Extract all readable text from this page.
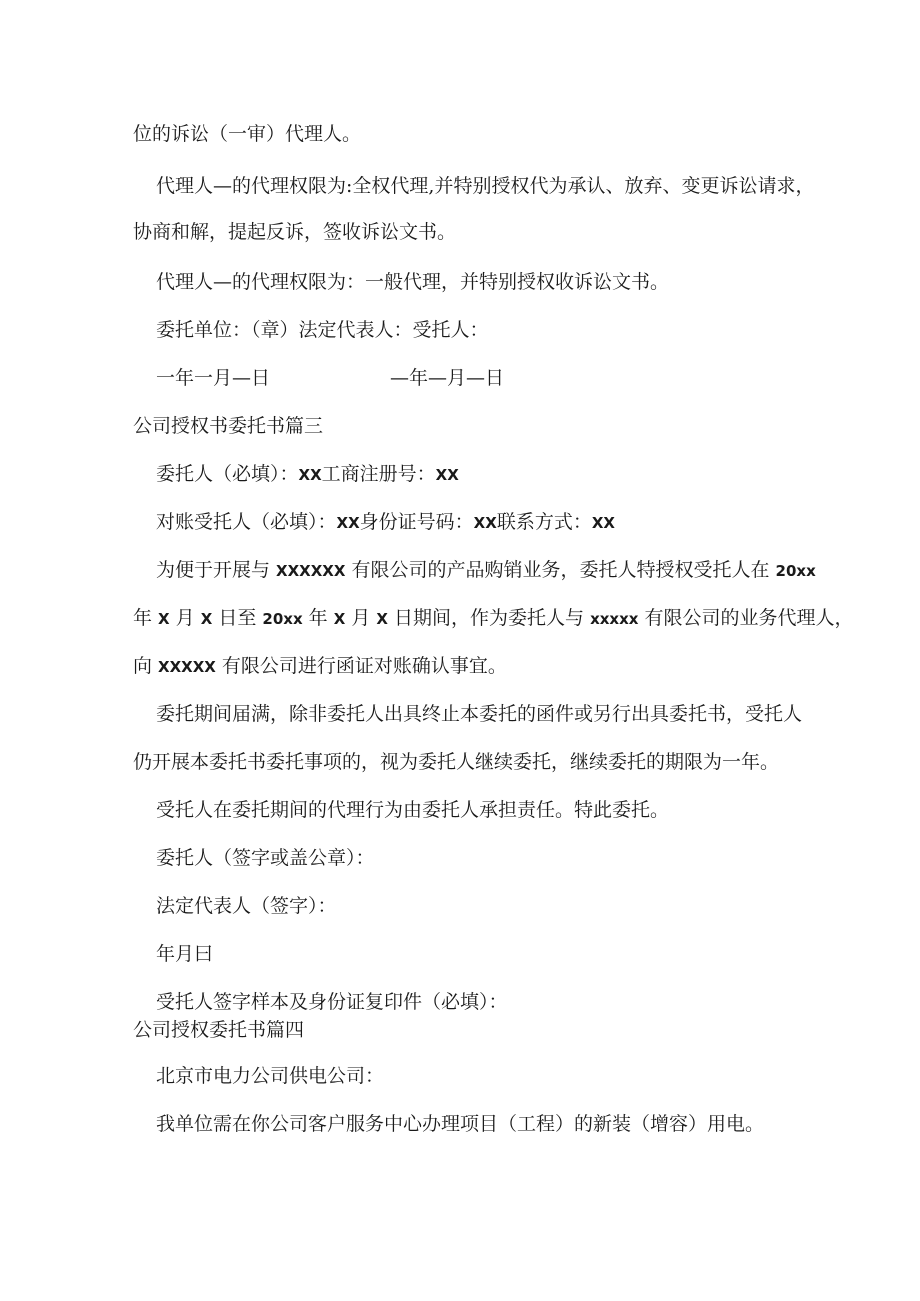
位的诉讼（一审）代理人。
代理人—的代理权限为:全权代理,并特别授权代为承认、放弃、变更诉讼请求，
协商和解，提起反诉，签收诉讼文书。
代理人—的代理权限为：一般代理，并特别授权收诉讼文书。
委托单位：（章）法定代表人：受托人：
一年一月—日	—年—月—日
公司授权书委托书篇三
委托人（必填）：XX工商注册号：XX
对账受托人（必填）：XX身份证号码：XX联系方式：XX
为便于开展与 XXXXXX 有限公司的产品购销业务，委托人特授权受托人在 20xx
年 X 月 X 日至 20xx 年 X 月 X 日期间，作为委托人与 xxxxx 有限公司的业务代理人，
向 XXXXX 有限公司进行函证对账确认事宜。
委托期间届满，除非委托人出具终止本委托的函件或另行出具委托书，受托人
仍开展本委托书委托事项的，视为委托人继续委托，继续委托的期限为一年。
受托人在委托期间的代理行为由委托人承担责任。特此委托。
委托人（签字或盖公章）：
法定代表人（签字）：
年月曰
受托人签字样本及身份证复印件（必填）：
公司授权委托书篇四
北京市电力公司供电公司：
我单位需在你公司客户服务中心办理项目（工程）的新装（增容）用电。
